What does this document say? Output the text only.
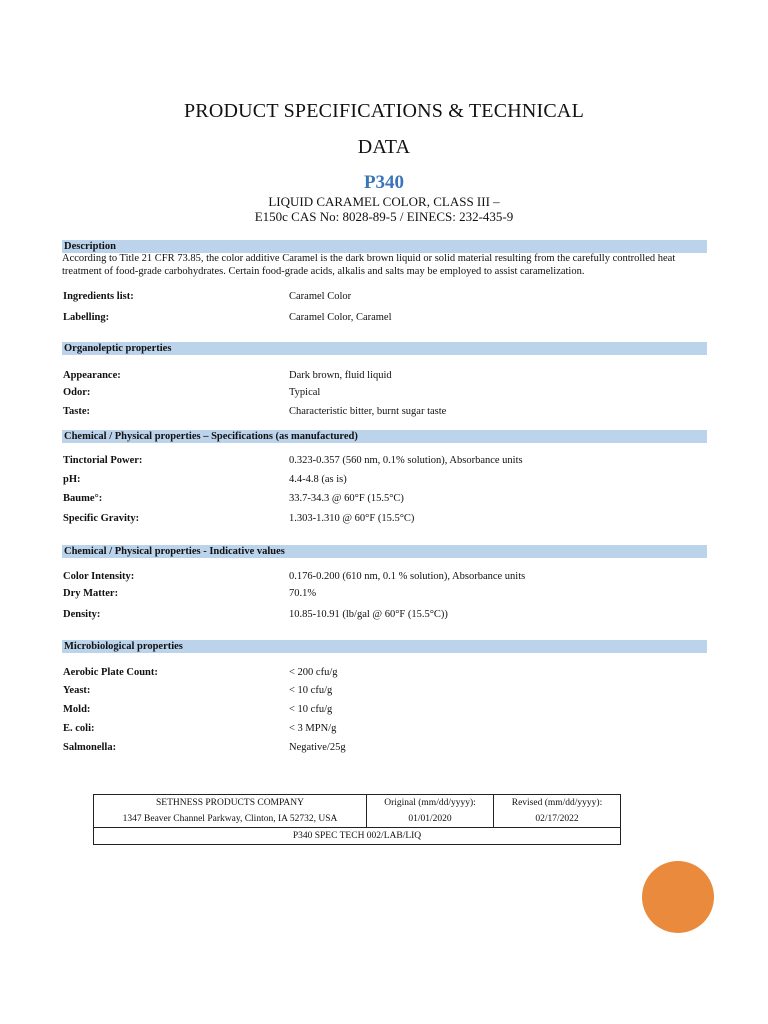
PRODUCT SPECIFICATIONS & TECHNICAL
DATA
P340
LIQUID CARAMEL COLOR, CLASS III –
E150c CAS No: 8028-89-5 / EINECS: 232-435-9
Description
According to Title 21 CFR 73.85, the color additive Caramel is the dark brown liquid or solid material resulting from the carefully controlled heat treatment of food-grade carbohydrates. Certain food-grade acids, alkalis and salts may be employed to assist caramelization.
Ingredients list:	Caramel Color
Labelling:	Caramel Color, Caramel
Organoleptic properties
Appearance:	Dark brown, fluid liquid
Odor:	Typical
Taste:	Characteristic bitter, burnt sugar taste
Chemical / Physical properties – Specifications (as manufactured)
Tinctorial Power:	0.323-0.357 (560 nm, 0.1% solution), Absorbance units
pH:	4.4-4.8 (as is)
Baume°:	33.7-34.3 @ 60°F (15.5°C)
Specific Gravity:	1.303-1.310 @ 60°F (15.5°C)
Chemical / Physical properties - Indicative values
Color Intensity:	0.176-0.200 (610 nm, 0.1 % solution), Absorbance units
Dry Matter:	70.1%
Density:	10.85-10.91 (lb/gal @ 60°F (15.5°C))
Microbiological properties
Aerobic Plate Count:	< 200 cfu/g
Yeast:	< 10 cfu/g
Mold:	< 10 cfu/g
E. coli:	< 3 MPN/g
Salmonella:	Negative/25g
SETHNESS PRODUCTS COMPANY	Original (mm/dd/yyyy):	Revised (mm/dd/yyyy):
1347 Beaver Channel Parkway, Clinton, IA 52732, USA	01/01/2020	02/17/2022
P340 SPEC TECH 002/LAB/LIQ		
